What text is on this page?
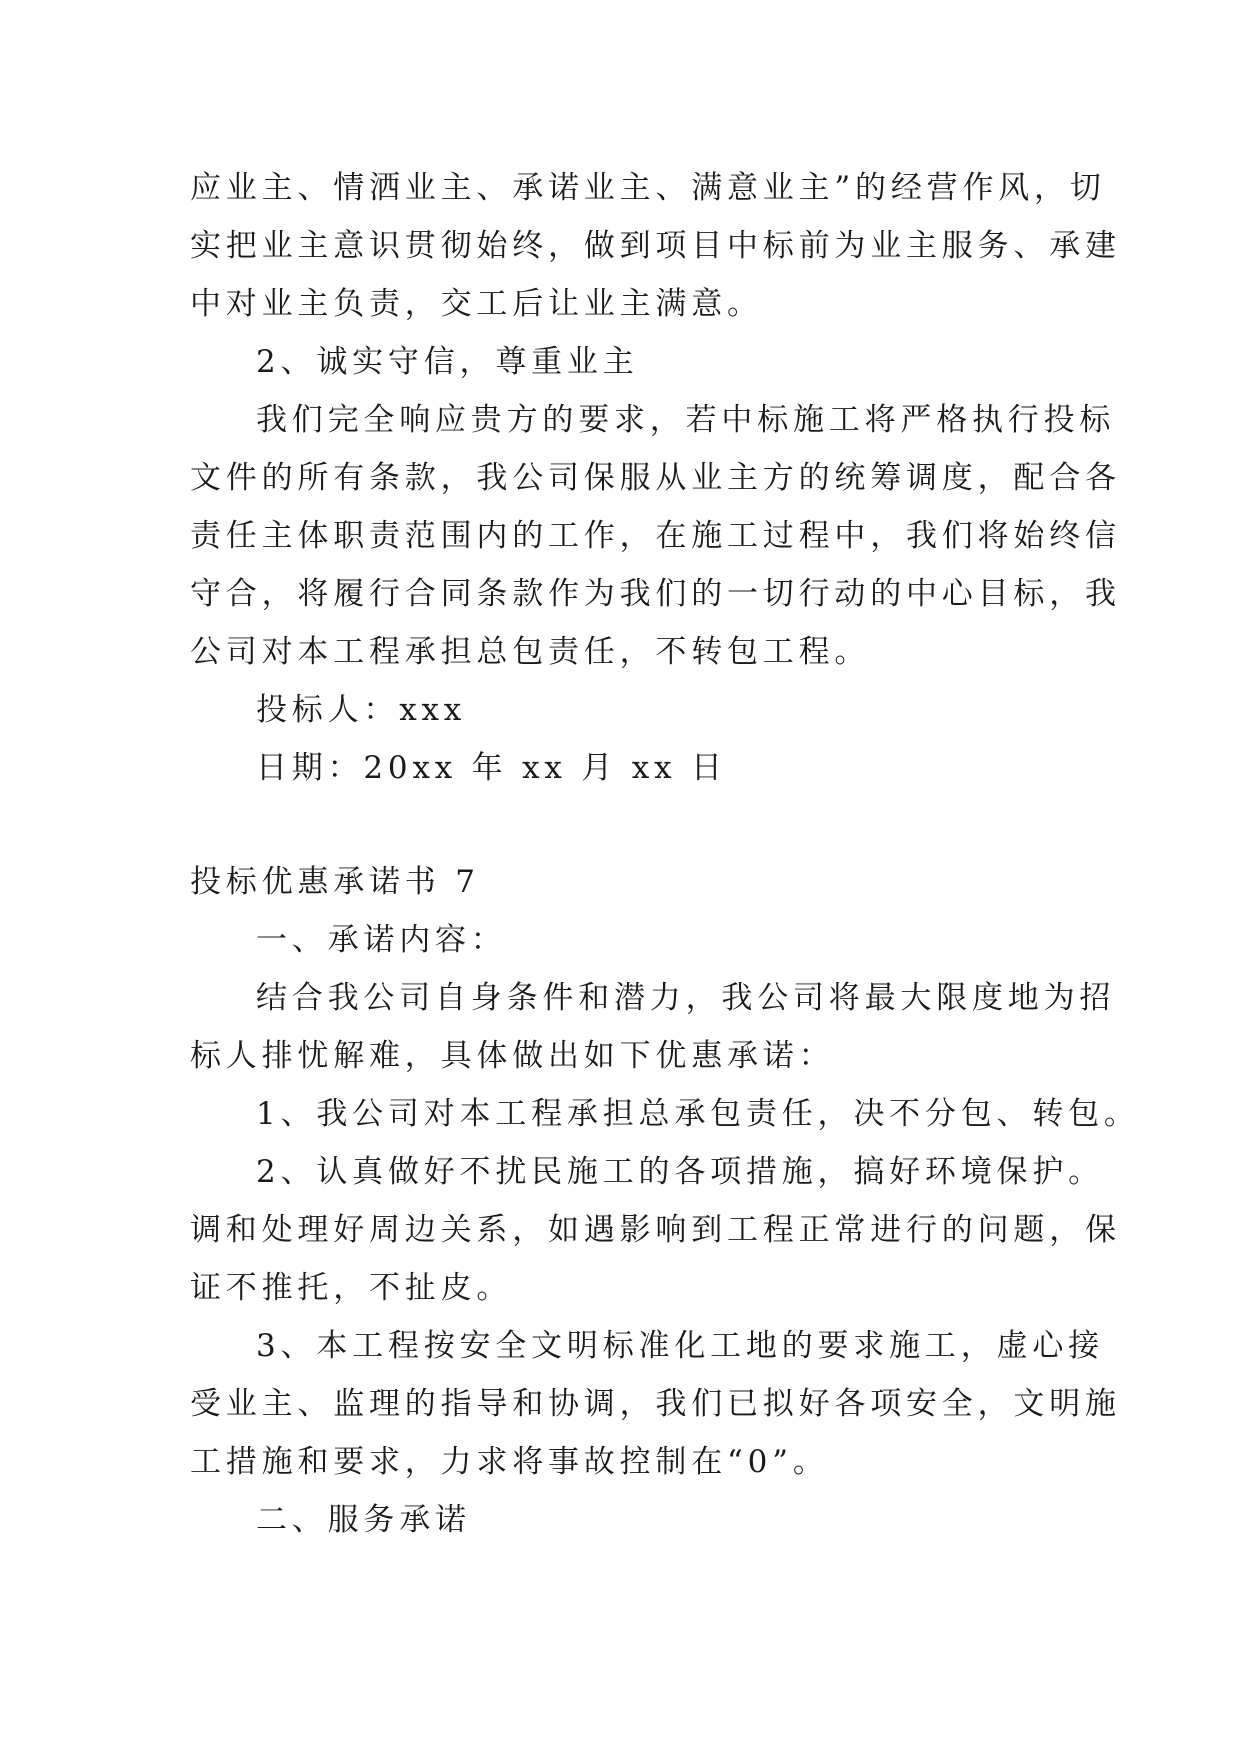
应业主、情洒业主、承诺业主、满意业主”的经营作风，切
实把业主意识贯彻始终，做到项目中标前为业主服务、承建
中对业主负责，交工后让业主满意。
2、诚实守信，尊重业主
我们完全响应贵方的要求，若中标施工将严格执行投标
文件的所有条款，我公司保服从业主方的统筹调度，配合各
责任主体职责范围内的工作，在施工过程中，我们将始终信
守合，将履行合同条款作为我们的一切行动的中心目标，我
公司对本工程承担总包责任，不转包工程。
投标人：xxx
日期：20xx 年 xx 月 xx 日
投标优惠承诺书 7
一、承诺内容：
结合我公司自身条件和潜力，我公司将最大限度地为招
标人排忧解难，具体做出如下优惠承诺：
1、我公司对本工程承担总承包责任，决不分包、转包。
2、认真做好不扰民施工的各项措施，搞好环境保护。
调和处理好周边关系，如遇影响到工程正常进行的问题，保
证不推托，不扯皮。
3、本工程按安全文明标准化工地的要求施工，虚心接
受业主、监理的指导和协调，我们已拟好各项安全，文明施
工措施和要求，力求将事故控制在“0”。
二、服务承诺
